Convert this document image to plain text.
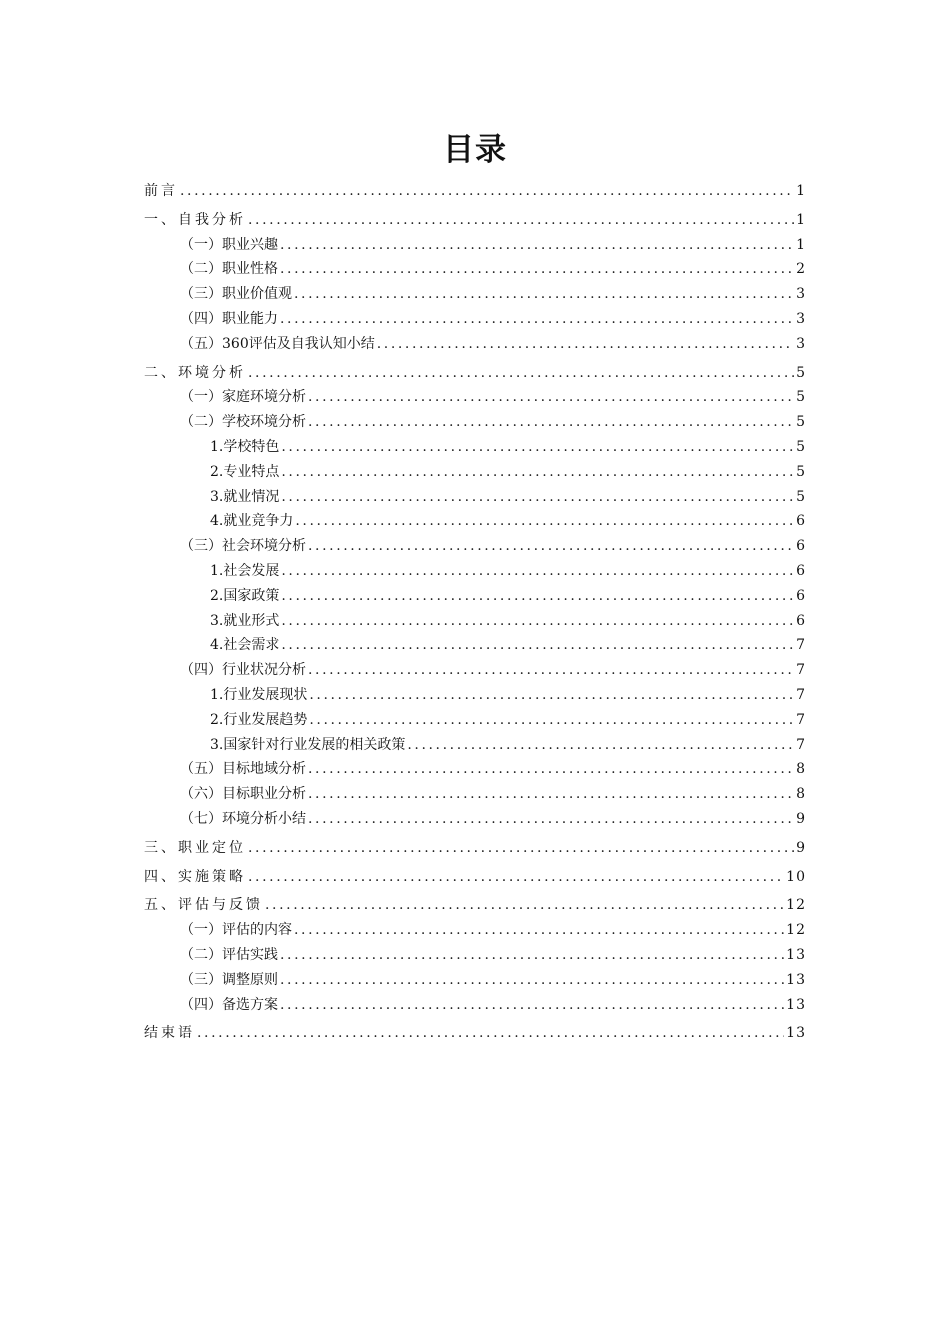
目录
前言 .....	1
一、自我分析 .....	1
（一）职业兴趣 .....	1
（二）职业性格 .....	2
（三）职业价值观 .....	3
（四）职业能力 .....	3
（五）360评估及自我认知小结 .....	3
二、环境分析 .....	5
（一）家庭环境分析 .....	5
（二）学校环境分析 .....	5
1.学校特色 .....	5
2.专业特点 .....	5
3.就业情况 .....	5
4.就业竞争力 .....	6
（三）社会环境分析 .....	6
1.社会发展 .....	6
2.国家政策 .....	6
3.就业形式 .....	6
4.社会需求 .....	7
（四）行业状况分析 .....	7
1.行业发展现状 .....	7
2.行业发展趋势 .....	7
3.国家针对行业发展的相关政策 .....	7
（五）目标地域分析 .....	8
（六）目标职业分析 .....	8
（七）环境分析小结 .....	9
三、职业定位 .....	9
四、实施策略 .....	10
五、评估与反馈 .....	12
（一）评估的内容 .....	12
（二）评估实践 .....	13
（三）调整原则 .....	13
（四）备选方案 .....	13
结束语 .....	13
